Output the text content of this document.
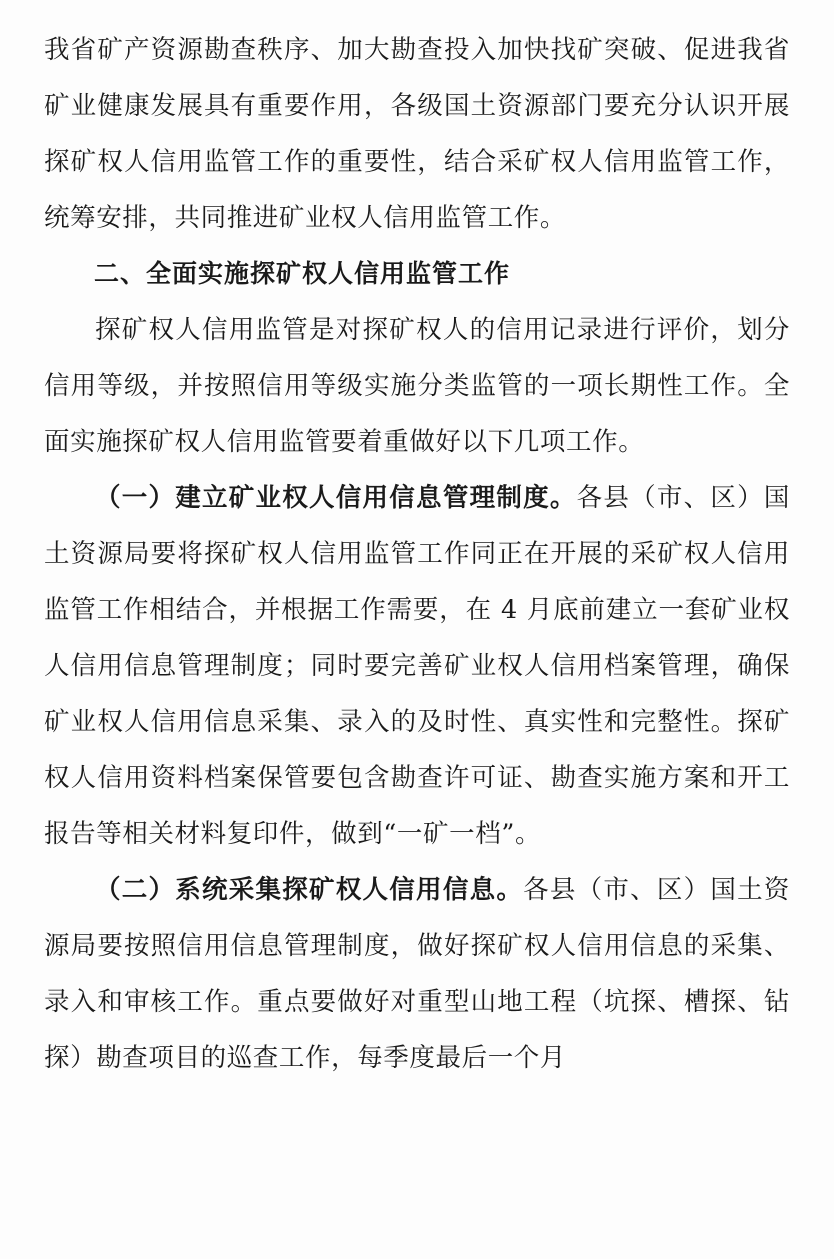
我省矿产资源勘查秩序、加大勘查投入加快找矿突破、促进我省矿业健康发展具有重要作用，各级国土资源部门要充分认识开展探矿权人信用监管工作的重要性，结合采矿权人信用监管工作，统筹安排，共同推进矿业权人信用监管工作。

二、全面实施探矿权人信用监管工作

探矿权人信用监管是对探矿权人的信用记录进行评价，划分信用等级，并按照信用等级实施分类监管的一项长期性工作。全面实施探矿权人信用监管要着重做好以下几项工作。

（一）建立矿业权人信用信息管理制度。各县（市、区）国土资源局要将探矿权人信用监管工作同正在开展的采矿权人信用监管工作相结合，并根据工作需要，在 4 月底前建立一套矿业权人信用信息管理制度；同时要完善矿业权人信用档案管理，确保矿业权人信用信息采集、录入的及时性、真实性和完整性。探矿权人信用资料档案保管要包含勘查许可证、勘查实施方案和开工报告等相关材料复印件，做到“一矿一档”。

（二）系统采集探矿权人信用信息。各县（市、区）国土资源局要按照信用信息管理制度，做好探矿权人信用信息的采集、录入和审核工作。重点要做好对重型山地工程（坑探、槽探、钻探）勘查项目的巡查工作，每季度最后一个月
